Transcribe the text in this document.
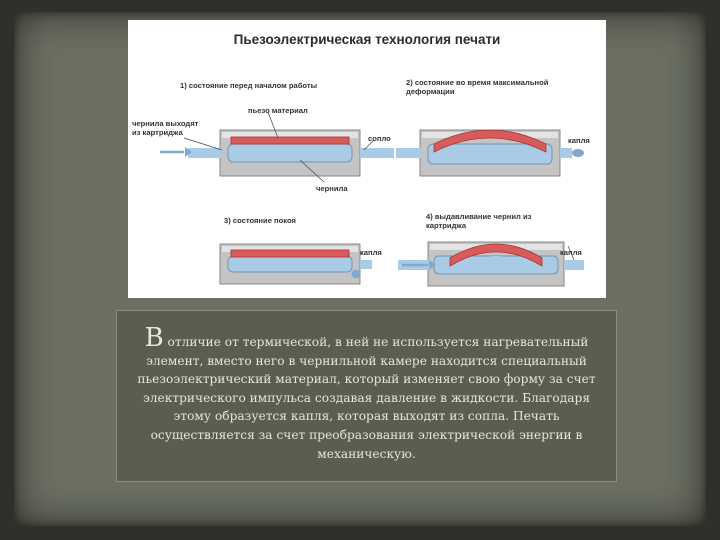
Пьезоэлектрическая технология печати
1) состояние перед началом работы	2) состояние во время максимальной деформации
пьезо материал
чернила выходят из картриджа
сопло	капля
чернила
3) состояние покоя	4) выдавливание чернил из картриджа
капля	капля
В отличие от термической, в ней не используется нагревательный элемент, вместо него в чернильной камере находится специальный пьезоэлектрический материал, который изменяет свою форму за счет электрического импульса создавая давление в жидкости. Благодаря этому образуется капля, которая выходят из сопла. Печать осуществляется за счет преобразования электрической энергии в механическую.
